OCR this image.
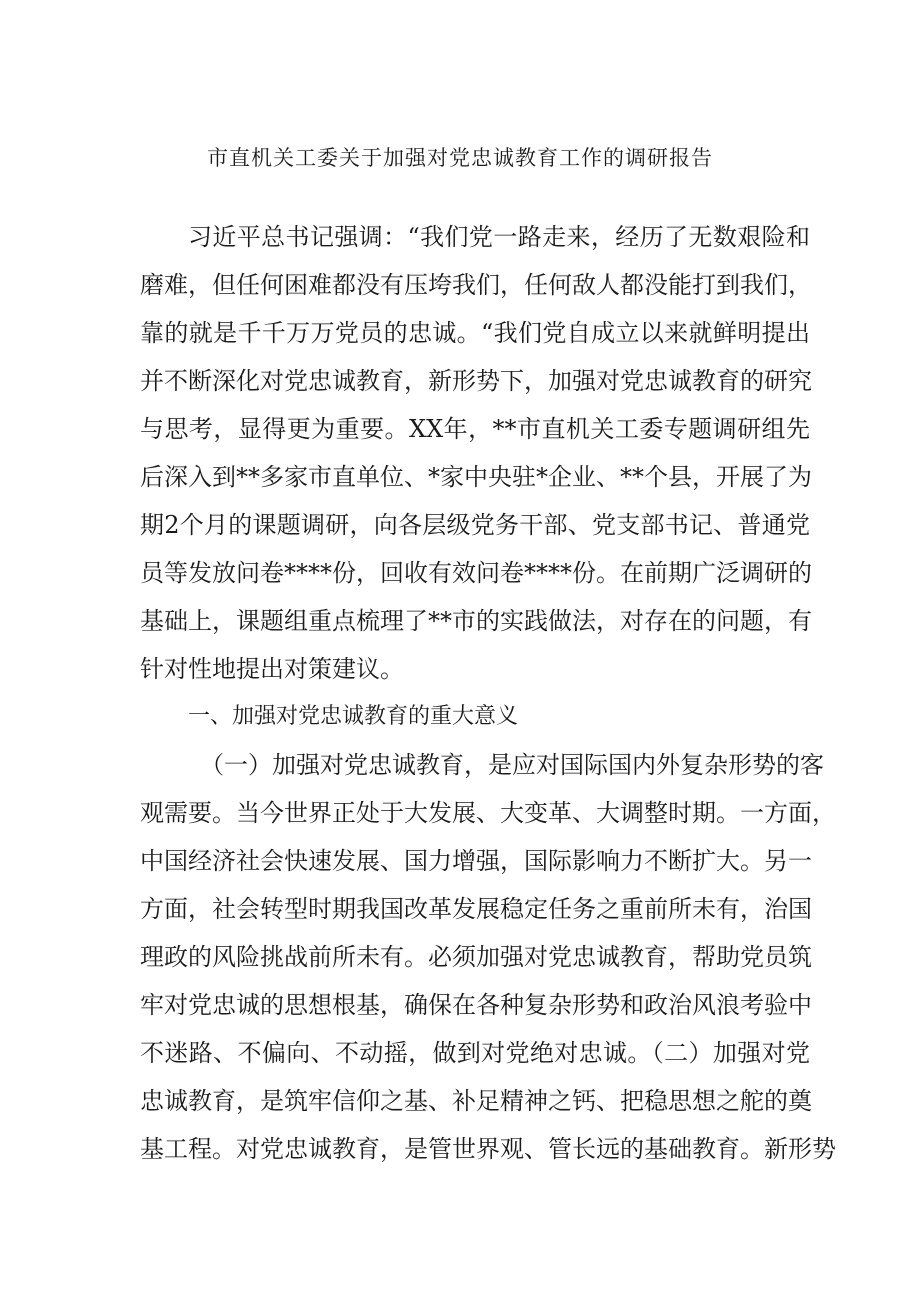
市直机关工委关于加强对党忠诚教育工作的调研报告
习近平总书记强调：“我们党一路走来，经历了无数艰险和
磨难，但任何困难都没有压垮我们，任何敌人都没能打到我们，
靠的就是千千万万党员的忠诚。“我们党自成立以来就鲜明提出
并不断深化对党忠诚教育，新形势下，加强对党忠诚教育的研究
与思考，显得更为重要。XX年，**市直机关工委专题调研组先
后深入到**多家市直单位、*家中央驻*企业、**个县，开展了为
期2个月的课题调研，向各层级党务干部、党支部书记、普通党
员等发放问卷****份，回收有效问卷****份。在前期广泛调研的
基础上，课题组重点梳理了**市的实践做法，对存在的问题，有
针对性地提出对策建议。
一、加强对党忠诚教育的重大意义
（一）加强对党忠诚教育，是应对国际国内外复杂形势的客
观需要。当今世界正处于大发展、大变革、大调整时期。一方面，
中国经济社会快速发展、国力增强，国际影响力不断扩大。另一
方面，社会转型时期我国改革发展稳定任务之重前所未有，治国
理政的风险挑战前所未有。必须加强对党忠诚教育，帮助党员筑
牢对党忠诚的思想根基，确保在各种复杂形势和政治风浪考验中
不迷路、不偏向、不动摇，做到对党绝对忠诚。（二）加强对党
忠诚教育，是筑牢信仰之基、补足精神之钙、把稳思想之舵的奠
基工程。对党忠诚教育，是管世界观、管长远的基础教育。新形势
